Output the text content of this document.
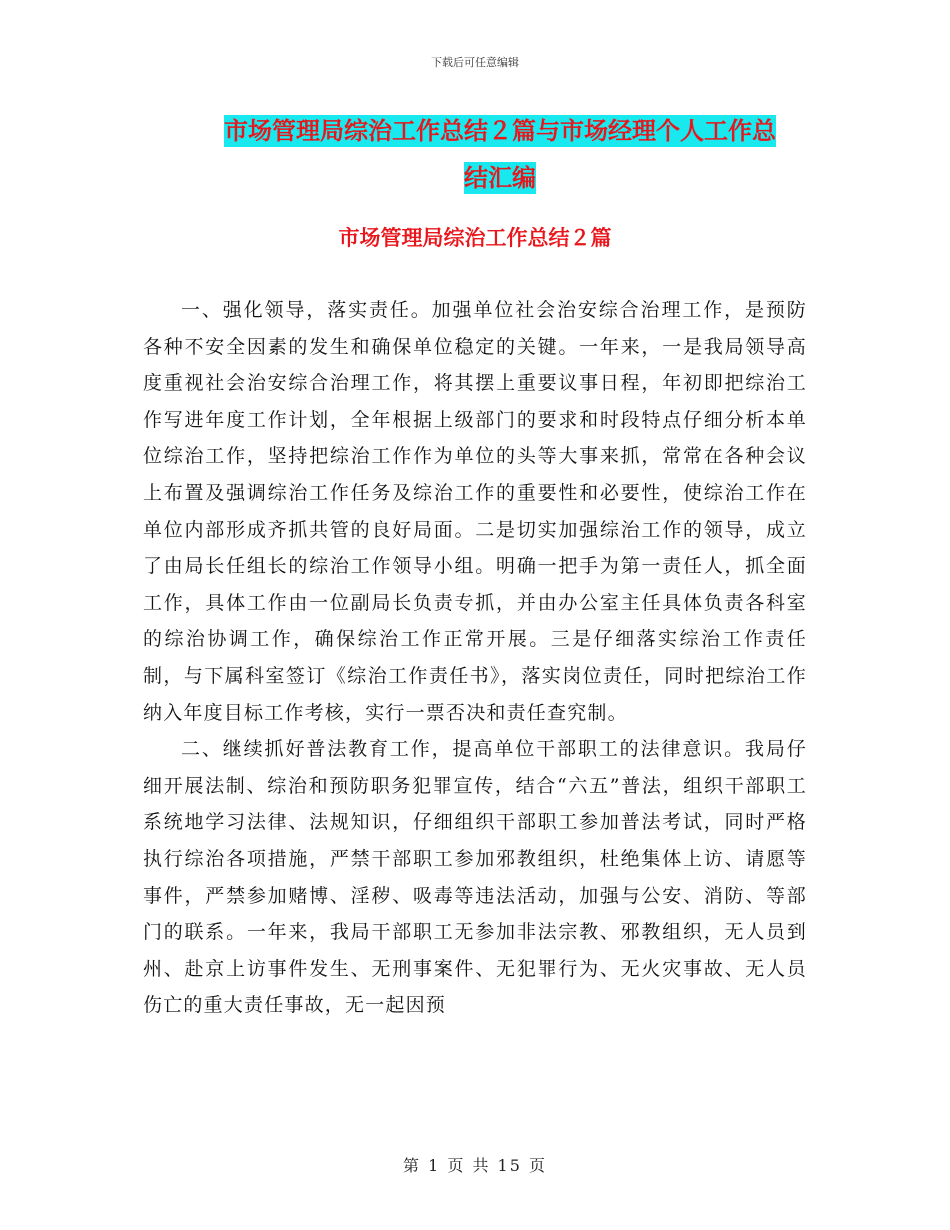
下载后可任意编辑
市场管理局综治工作总结２篇与市场经理个人工作总
结汇编
市场管理局综治工作总结２篇

一、强化领导，落实责任。加强单位社会治安综合治理工作，是预防各种不安全因素的发生和确保单位稳定的关键。一年来，一是我局领导高度重视社会治安综合治理工作，将其摆上重要议事日程，年初即把综治工作写进年度工作计划，全年根据上级部门的要求和时段特点仔细分析本单位综治工作，坚持把综治工作作为单位的头等大事来抓，常常在各种会议上布置及强调综治工作任务及综治工作的重要性和必要性，使综治工作在单位内部形成齐抓共管的良好局面。二是切实加强综治工作的领导，成立了由局长任组长的综治工作领导小组。明确一把手为第一责任人，抓全面工作，具体工作由一位副局长负责专抓，并由办公室主任具体负责各科室的综治协调工作，确保综治工作正常开展。三是仔细落实综治工作责任制，与下属科室签订《综治工作责任书》，落实岗位责任，同时把综治工作纳入年度目标工作考核，实行一票否决和责任查究制。

二、继续抓好普法教育工作，提高单位干部职工的法律意识。我局仔细开展法制、综治和预防职务犯罪宣传，结合“六五”普法，组织干部职工系统地学习法律、法规知识，仔细组织干部职工参加普法考试，同时严格执行综治各项措施，严禁干部职工参加邪教组织，杜绝集体上访、请愿等事件，严禁参加赌博、淫秽、吸毒等违法活动，加强与公安、消防、等部门的联系。一年来，我局干部职工无参加非法宗教、邪教组织，无人员到州、赴京上访事件发生、无刑事案件、无犯罪行为、无火灾事故、无人员伤亡的重大责任事故，无一起因预

第 1 页 共 15 页
